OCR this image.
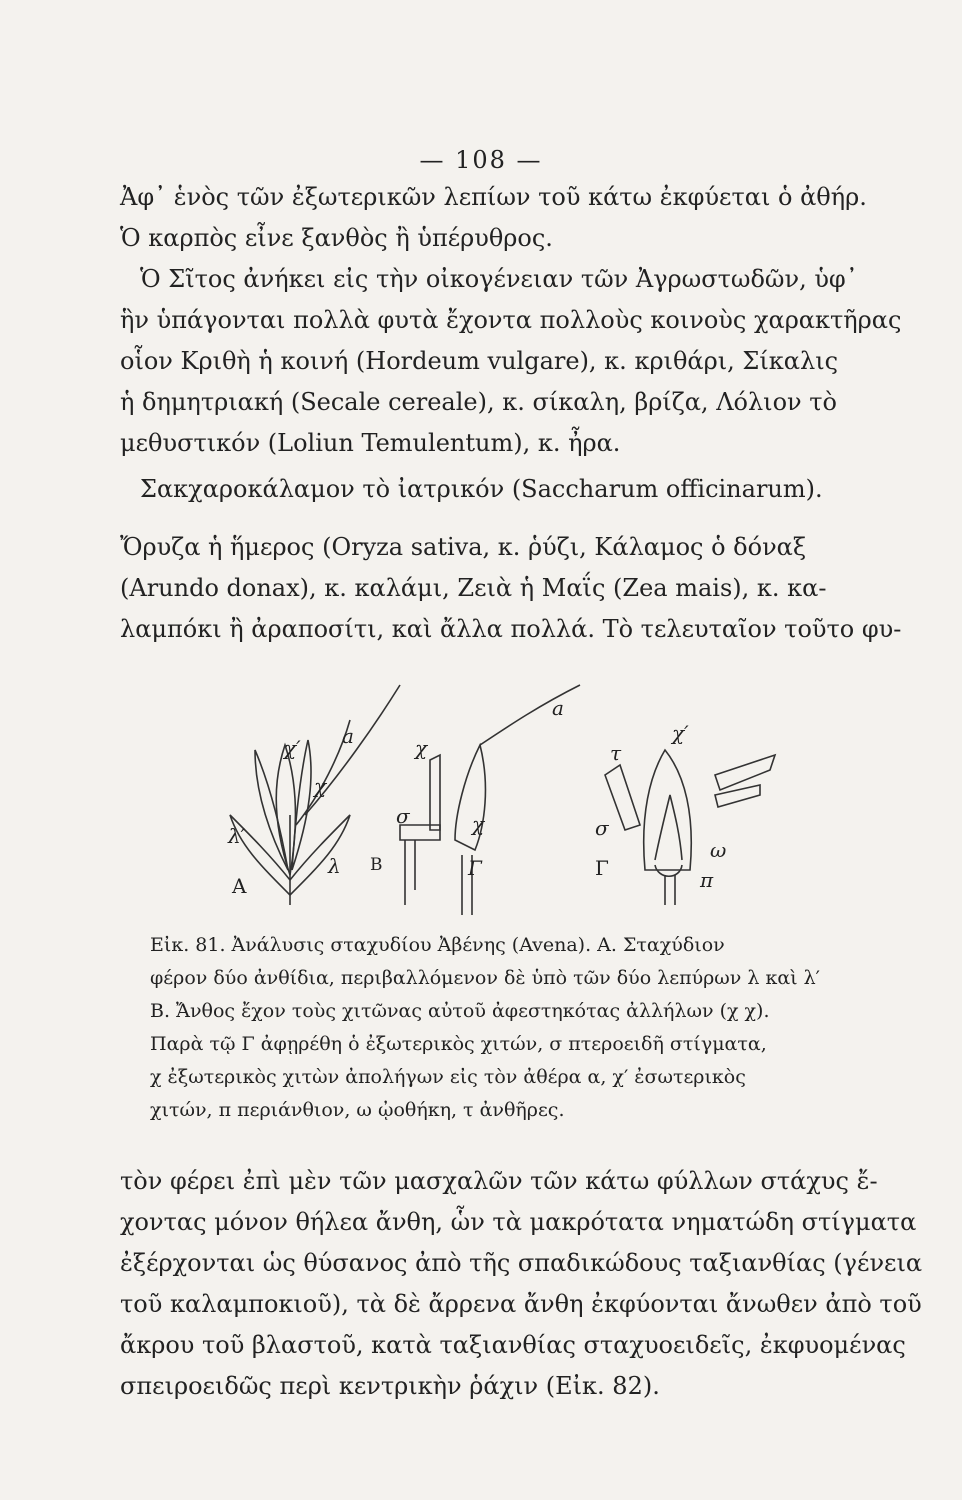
— 108 —
Ἀφ᾽ ἑνὸς τῶν ἐξωτερικῶν λεπίων τοῦ κάτω ἐκφύεται ὁ ἀθήρ.
Ὁ καρπὸς εἶνε ξανθὸς ἢ ὑπέρυθρος.
Ὁ Σῖτος ἀνήκει εἰς τὴν οἰκογένειαν τῶν Ἀγρωστωδῶν, ὑφ᾽
ἣν ὑπάγονται πολλὰ φυτὰ ἔχοντα πολλοὺς κοινοὺς χαρακτῆρας
οἷον Κριθὴ ἡ κοινή (Hordeum vulgare), κ. κριθάρι, Σίκαλις
ἡ δημητριακή (Secale cereale), κ. σίκαλη, βρίζα, Λόλιον τὸ
μεθυστικόν (Loliun Temulentum), κ. ἦρα.
Σακχαροκάλαμον τὸ ἰατρικόν (Saccharum officinarum).
Ὄρυζα ἡ ἥμερος (Oryza sativa, κ. ῥύζι, Κάλαμος ὁ δόναξ
(Arundo donax), κ. καλάμι, Ζειὰ ἡ Μαΐς (Zea mais), κ. κα-
λαμπόκι ἢ ἀραποσίτι, καὶ ἄλλα πολλά. Τὸ τελευταῖον τοῦτο φυ-
a
χ′
χ
λ′
λ
A
χ
σ	χ
Β	Γ
τ
χ′
σ
ω
Γ	π
a
Εἰκ. 81. Ἀνάλυσις σταχυδίου Ἀβένης (Avena). Α. Σταχύδιον
φέρον δύο ἀνθίδια, περιβαλλόμενον δὲ ὑπὸ τῶν δύο λεπύρων λ καὶ λ′
Β. Ἄνθος ἔχον τοὺς χιτῶνας αὐτοῦ ἀφεστηκότας ἀλλήλων (χ χ).
Παρὰ τῷ Γ ἀφῃρέθη ὁ ἐξωτερικὸς χιτών, σ πτεροειδῆ στίγματα,
χ ἐξωτερικὸς χιτὼν ἀπολήγων εἰς τὸν ἀθέρα α, χ′ ἐσωτερικὸς
χιτών, π περιάνθιον, ω ᾠοθήκη, τ ἀνθῆρες.
τὸν φέρει ἐπὶ μὲν τῶν μασχαλῶν τῶν κάτω φύλλων στάχυς ἔ-
χοντας μόνον θήλεα ἄνθη, ὧν τὰ μακρότατα νηματώδη στίγματα
ἐξέρχονται ὡς θύσανος ἀπὸ τῆς σπαδικώδους ταξιανθίας (γένεια
τοῦ καλαμποκιοῦ), τὰ δὲ ἄρρενα ἄνθη ἐκφύονται ἄνωθεν ἀπὸ τοῦ
ἄκρου τοῦ βλαστοῦ, κατὰ ταξιανθίας σταχυοειδεῖς, ἐκφυομένας
σπειροειδῶς περὶ κεντρικὴν ῥάχιν (Εἰκ. 82).
